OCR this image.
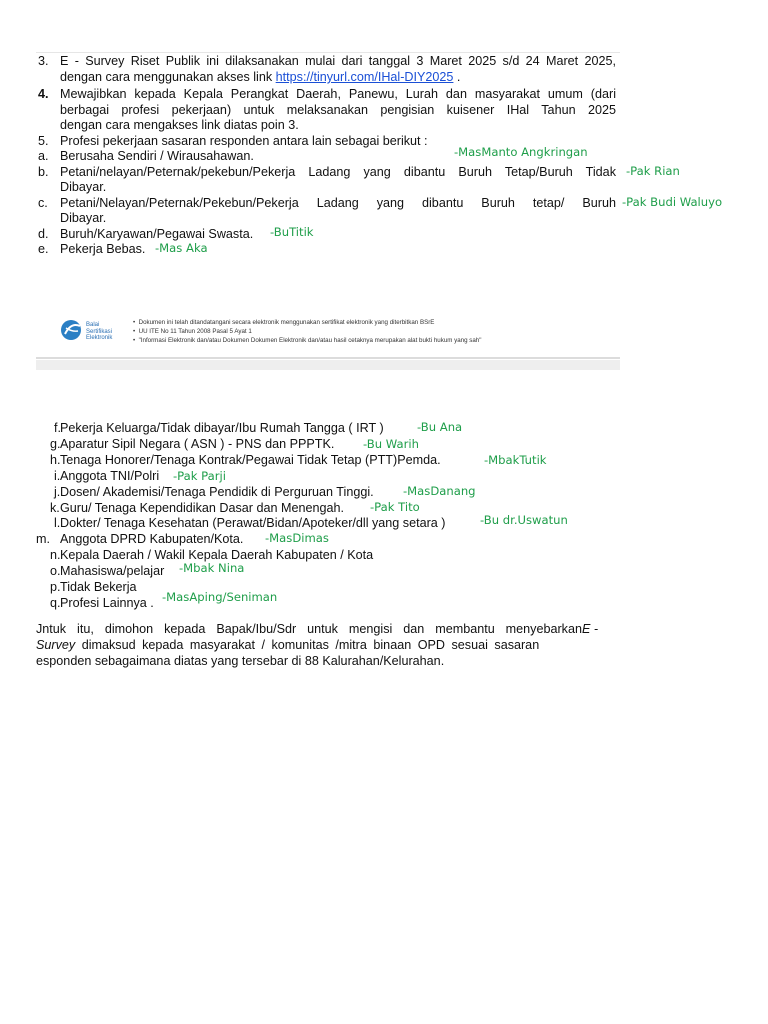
3. E - Survey Riset Publik ini dilaksanakan mulai dari tanggal 3 Maret 2025 s/d 24 Maret 2025,
dengan cara menggunakan akses link https://tinyurl.com/IHal-DIY2025 .
4. Mewajibkan kepada Kepala Perangkat Daerah, Panewu, Lurah dan masyarakat umum (dari
berbagai profesi pekerjaan) untuk melaksanakan pengisian kuisener IHal Tahun 2025
dengan cara mengakses link diatas poin 3.
5. Profesi pekerjaan sasaran responden antara lain sebagai berikut :
a. Berusaha Sendiri / Wirausahawan.
b. Petani/nelayan/Peternak/pekebun/Pekerja Ladang yang dibantu Buruh Tetap/Buruh Tidak
Dibayar.
c. Petani/Nelayan/Peternak/Pekebun/Pekerja Ladang yang dibantu Buruh tetap/ Buruh
Dibayar.
d. Buruh/Karyawan/Pegawai Swasta.
e. Pekerja Bebas.
-MasManto Angkringan
-Pak Rian
-Pak Budi Waluyo
-BuTitik
-Mas Aka
Balai
Sertifikasi
Elektronik
•  Dokumen ini telah ditandatangani secara elektronik menggunakan sertifikat elektronik yang diterbitkan BSrE
•  UU ITE No 11 Tahun 2008 Pasal 5 Ayat 1
•  "Informasi Elektronik dan/atau Dokumen Dokumen Elektronik dan/atau hasil cetaknya merupakan alat bukti hukum yang sah"
f. Pekerja Keluarga/Tidak dibayar/Ibu Rumah Tangga ( IRT )
g. Aparatur Sipil Negara ( ASN ) - PNS dan PPPTK.
h. Tenaga Honorer/Tenaga Kontrak/Pegawai Tidak Tetap (PTT)Pemda.
i. Anggota TNI/Polri
j. Dosen/ Akademisi/Tenaga Pendidik di Perguruan Tinggi.
k. Guru/ Tenaga Kependidikan Dasar dan Menengah.
l. Dokter/ Tenaga Kesehatan (Perawat/Bidan/Apoteker/dll yang setara )
m. Anggota DPRD Kabupaten/Kota.
n. Kepala Daerah / Wakil Kepala Daerah Kabupaten / Kota
o. Mahasiswa/pelajar
p. Tidak Bekerja
q. Profesi Lainnya .
Jntuk itu, dimohon kepada Bapak/Ibu/Sdr untuk mengisi dan membantu menyebarkanE -
Survey dimaksud kepada masyarakat / komunitas /mitra binaan OPD sesuai sasaran
esponden sebagaimana diatas yang tersebar di 88 Kalurahan/Kelurahan.
-Bu Ana
-Bu Warih
-MbakTutik
-Pak Parji
-MasDanang
-Pak Tito
-Bu dr.Uswatun
-MasDimas
-Mbak Nina
-MasAping/Seniman
